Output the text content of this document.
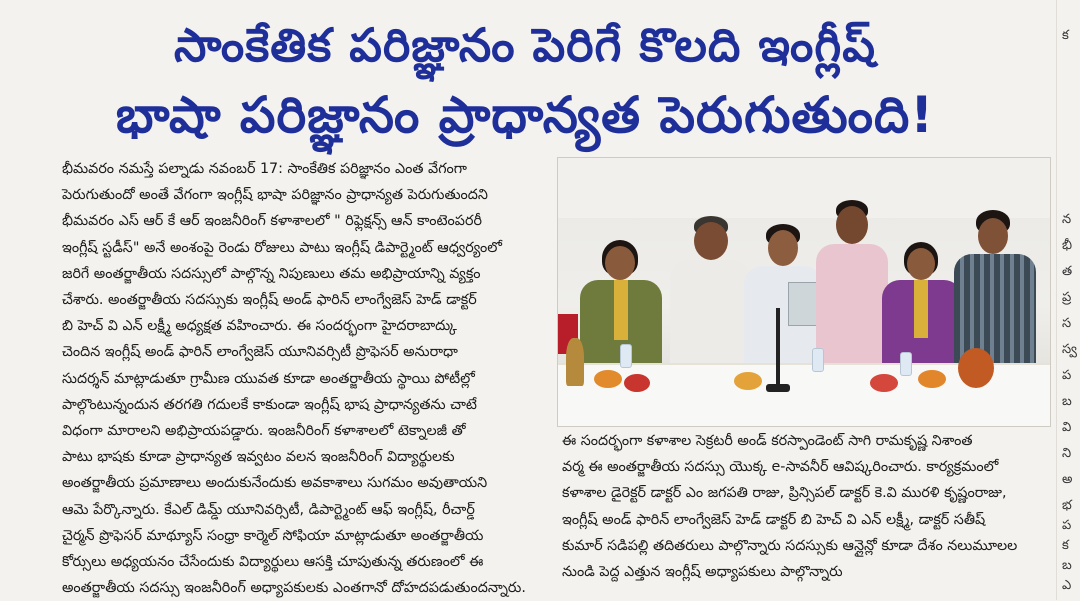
సాంకేతిక పరిజ్ఞానం పెరిగే కొలది ఇంగ్లీష్
భాషా పరిజ్ఞానం ప్రాధాన్యత పెరుగుతుంది!

భీమవరం నమస్తే పల్నాడు నవంబర్ 17: సాంకేతిక పరిజ్ఞానం ఎంత వేగంగా

పెరుగుతుందో అంతే వేగంగా ఇంగ్లీష్ భాషా పరిజ్ఞానం ప్రాధాన్యత పెరుగుతుందని

భీమవరం ఎస్ ఆర్ కే ఆర్ ఇంజనీరింగ్ కళాశాలలో " రిఫ్లెక్షన్స్ ఆన్ కాంటెంపరరీ

ఇంగ్లీష్ స్టడీస్" అనే అంశంపై రెండు రోజులు పాటు ఇంగ్లీష్ డిపార్ట్మెంట్ ఆధ్వర్యంలో

జరిగే అంతర్జాతీయ సదస్సులో పాల్గొన్న నిపుణులు తమ అభిప్రాయాన్ని వ్యక్తం

చేశారు. అంతర్జాతీయ సదస్సుకు ఇంగ్లీష్ అండ్ ఫారిన్ లాంగ్వేజెస్ హెడ్ డాక్టర్

బి హెచ్ వి ఎన్ లక్ష్మీ అధ్యక్షత వహించారు. ఈ సందర్భంగా హైదరాబాద్కు

చెందిన ఇంగ్లీష్ అండ్ ఫారిన్ లాంగ్వేజెస్ యూనివర్సిటీ ప్రొఫెసర్ అనురాధా

సుదర్శన్ మాట్లాడుతూ గ్రామీణ యువత కూడా అంతర్జాతీయ స్థాయి పోటీల్లో

పాల్గొంటున్నందున తరగతి గదులకే కాకుండా ఇంగ్లీష్ భాష ప్రాధాన్యతను చాటే

విధంగా మారాలని అభిప్రాయపడ్డారు. ఇంజనీరింగ్ కళాశాలలో టెక్నాలజీ తో

పాటు భాషకు కూడా ప్రాధాన్యత ఇవ్వటం వలన ఇంజనీరింగ్ విద్యార్థులకు

అంతర్జాతీయ ప్రమాణాలు అందుకునేందుకు అవకాశాలు సుగమం అవుతాయని

ఆమె పేర్కొన్నారు. కేఎల్ డిమ్డ్ యూనివర్సిటీ, డిపార్ట్మెంట్ ఆఫ్ ఇంగ్లీష్, రీచార్డ్

చైర్మన్ ప్రొఫెసర్ మాథ్యూస్ సంధ్రా కార్మెల్ సోఫియా మాట్లాడుతూ అంతర్జాతీయ

కోర్సులు అధ్యయనం చేసేందుకు విద్యార్థులు ఆసక్తి చూపుతున్న తరుణంలో ఈ

అంతర్జాతీయ సదస్సు ఇంజనీరింగ్ అధ్యాపకులకు ఎంతగానో దోహదపడుతుందన్నారు.

ఈ సందర్భంగా కళాశాల సెక్రటరీ అండ్ కరస్పాండెంట్ సాగి రామకృష్ణ నిశాంత
వర్మ ఈ అంతర్జాతీయ సదస్సు యొక్క e-సావనీర్ ఆవిష్కరించారు. కార్యక్రమంలో
కళాశాల డైరెక్టర్ డాక్టర్ ఎం జగపతి రాజు, ప్రిన్సిపల్ డాక్టర్ కె.వి మురళి కృష్ణంరాజు,
ఇంగ్లీష్ అండ్ ఫారిన్ లాంగ్వేజెస్ హెడ్ డాక్టర్ బి హెచ్ వి ఎన్ లక్ష్మీ, డాక్టర్ సతీష్
కుమార్ సడిపల్లి తదితరులు పాల్గొన్నారు సదస్సుకు ఆన్లైన్లో కూడా దేశం నలుమూలల
నుండి పెద్ద ఎత్తున ఇంగ్లీష్ అధ్యాపకులు పాల్గొన్నారు
క
న
భీ
త
ప్ర
స
స్వ
ప
బ
వి
ని
అ
భ
ప
క
బ
ఎ
